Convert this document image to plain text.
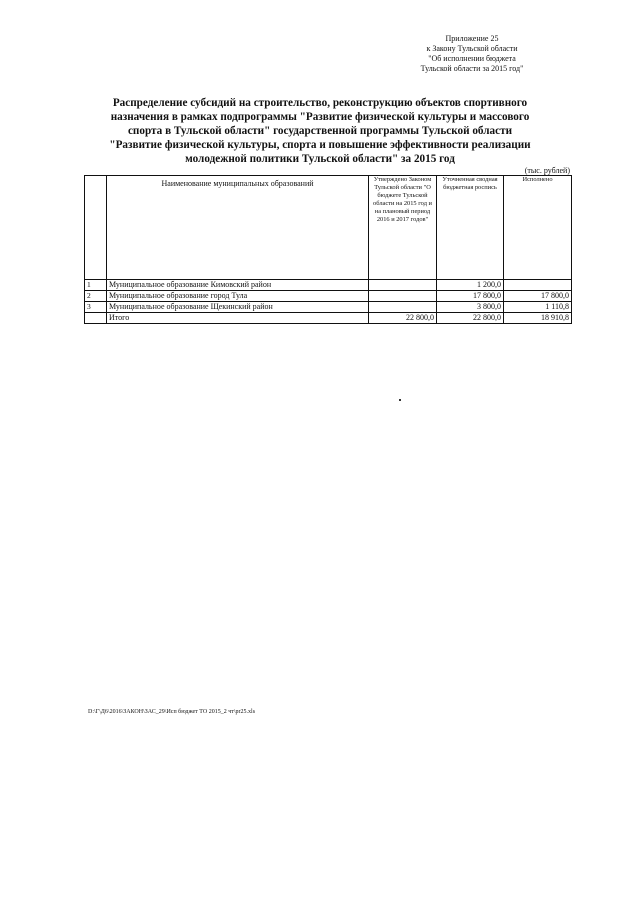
Приложение 25
к Закону Тульской области
"Об исполнении бюджета
Тульской области за 2015 год"
Распределение субсидий на строительство, реконструкцию объектов спортивного
назначения в рамках подпрограммы "Развитие физической культуры и массового
спорта в Тульской области" государственной программы Тульской области
"Развитие физической культуры, спорта и повышение эффективности реализации
молодежной политики Тульской области" за 2015 год
(тыс. рублей)
	Наименование муниципальных образований	Утверждено Законом Тульской области "О бюджете Тульской области на 2015 год и на плановый период 2016 и 2017 годов"	Уточненная сводная бюджетная роспись	Исполнено
1	Муниципальное образование Кимовский район		1 200,0	
2	Муниципальное образование город Тула		17 800,0	17 800,0
3	Муниципальное образование Щекинский район		3 800,0	1 110,8
	Итого	22 800,0	22 800,0	18 910,8
D:\Г\Д6\2016\ЗАКОН\ЗАС_29\Исп бюджет ТО 2015_2 чт\pr25.xls
